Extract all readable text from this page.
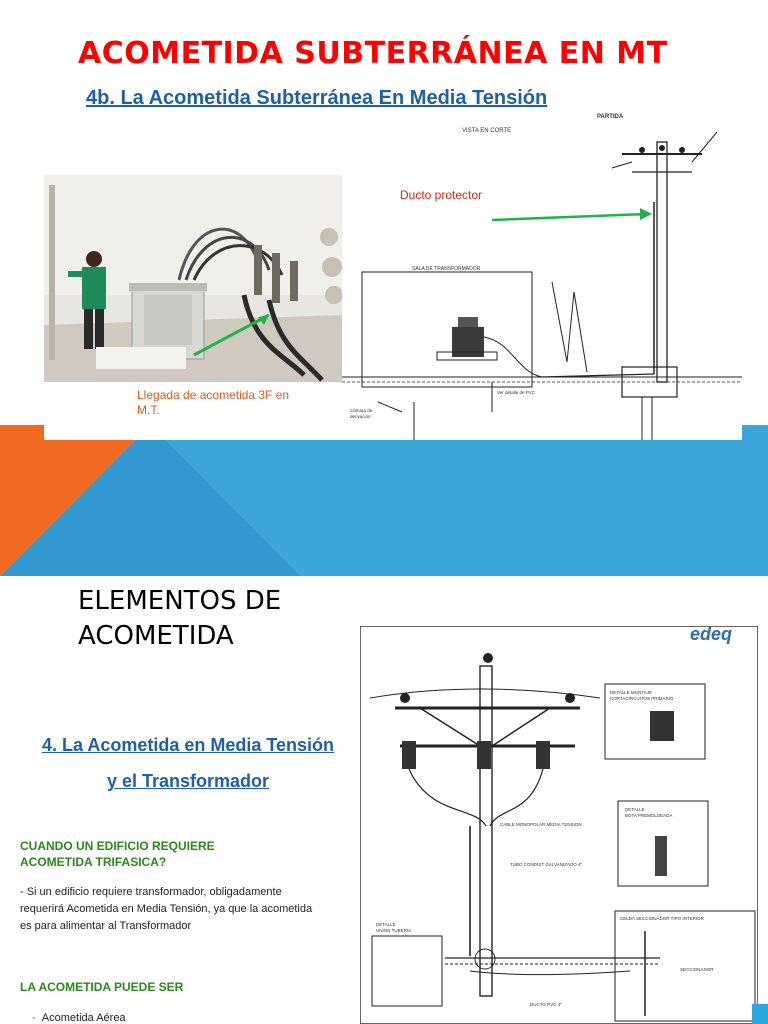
Llegada de acometida 3F en M.T.
VISTA EN CORTE
PARTIDA
SALA DE TRANSFORMADOR
Ver detalle de PVC
Cámara de
derivación
Ducto protector
ACOMETIDA SUBTERRÁNEA EN MT
4b. La Acometida Subterránea En Media Tensión
ELEMENTOS DE ACOMETIDA
4. La Acometida en Media Tensión y el Transformador
CUANDO UN EDIFICIO REQUIERE ACOMETIDA TRIFASICA?
- Si un edificio requiere transformador, obligadamente requerirá Acometida en Media Tensión, ya que la acometida es para alimentar al Transformador
LA ACOMETIDA PUEDE SER
-  Acometida Aérea
DETALLE MONTAJE
CORTACIRCUITOS PRIMARIO
DETALLE
BOTA PREMOLDEADA
CELDA SECCIONADOR TIPO INTERIOR
SECCIONADOR
DETALLE
UNION TUBERIA
TUBO CONDUIT GALVANIZADO 4"
CABLE MONOPOLAR MEDIA TENSION
DUCTO PVC 4"
edeq
